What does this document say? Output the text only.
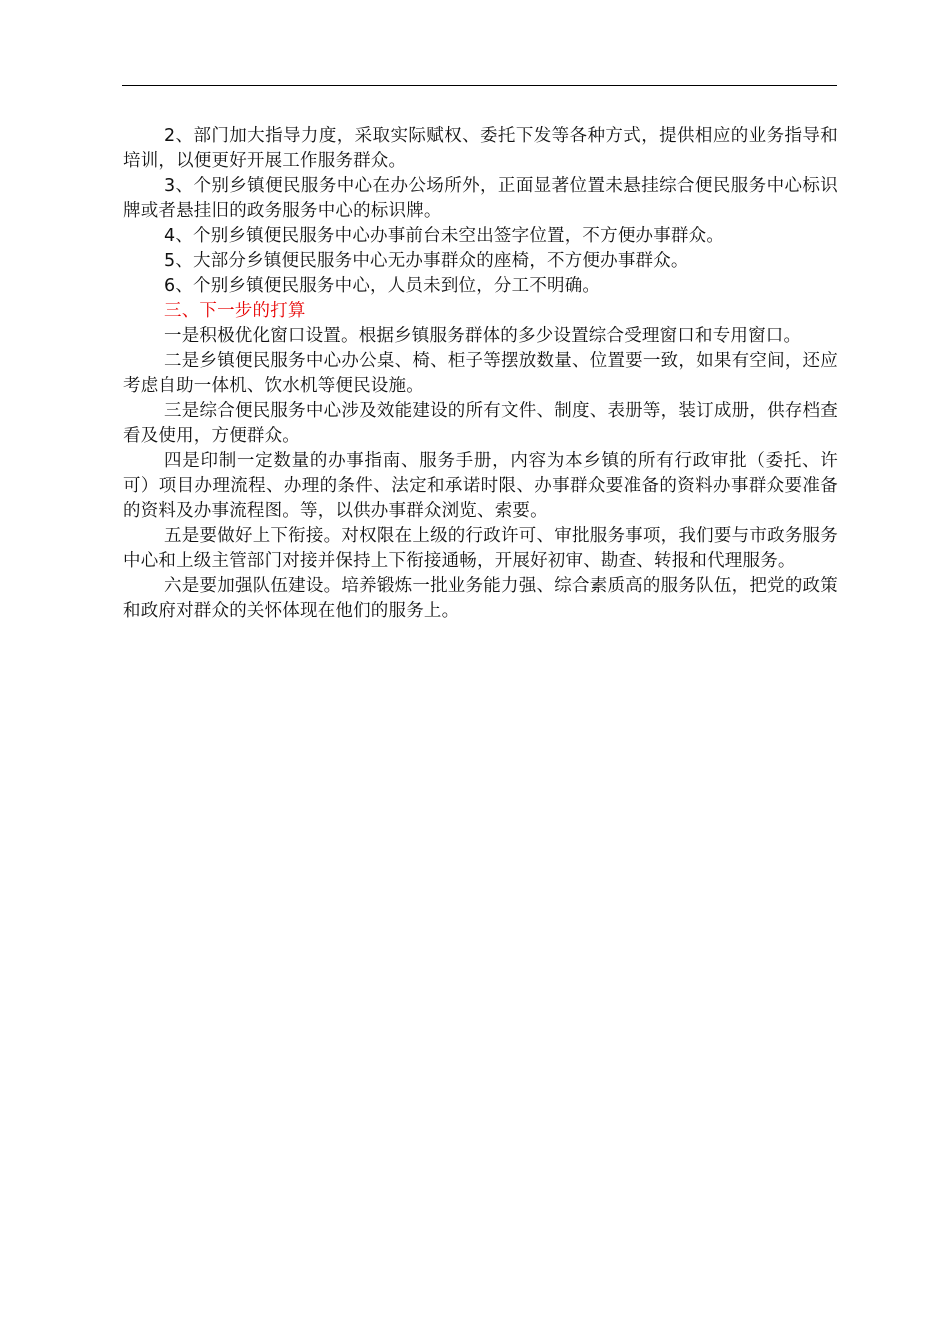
2、部门加大指导力度，采取实际赋权、委托下发等各种方式，提供相应的业务指导和培训，以便更好开展工作服务群众。

3、个别乡镇便民服务中心在办公场所外，正面显著位置未悬挂综合便民服务中心标识牌或者悬挂旧的政务服务中心的标识牌。

4、个别乡镇便民服务中心办事前台未空出签字位置，不方便办事群众。

5、大部分乡镇便民服务中心无办事群众的座椅，不方便办事群众。

6、个别乡镇便民服务中心，人员未到位，分工不明确。

三、下一步的打算

一是积极优化窗口设置。根据乡镇服务群体的多少设置综合受理窗口和专用窗口。

二是乡镇便民服务中心办公桌、椅、柜子等摆放数量、位置要一致，如果有空间，还应考虑自助一体机、饮水机等便民设施。

三是综合便民服务中心涉及效能建设的所有文件、制度、表册等，装订成册，供存档查看及使用，方便群众。

四是印制一定数量的办事指南、服务手册，内容为本乡镇的所有行政审批（委托、许可）项目办理流程、办理的条件、法定和承诺时限、办事群众要准备的资料办事群众要准备的资料及办事流程图。等，以供办事群众浏览、索要。

五是要做好上下衔接。对权限在上级的行政许可、审批服务事项，我们要与市政务服务中心和上级主管部门对接并保持上下衔接通畅，开展好初审、勘查、转报和代理服务。

六是要加强队伍建设。培养锻炼一批业务能力强、综合素质高的服务队伍，把党的政策和政府对群众的关怀体现在他们的服务上。
